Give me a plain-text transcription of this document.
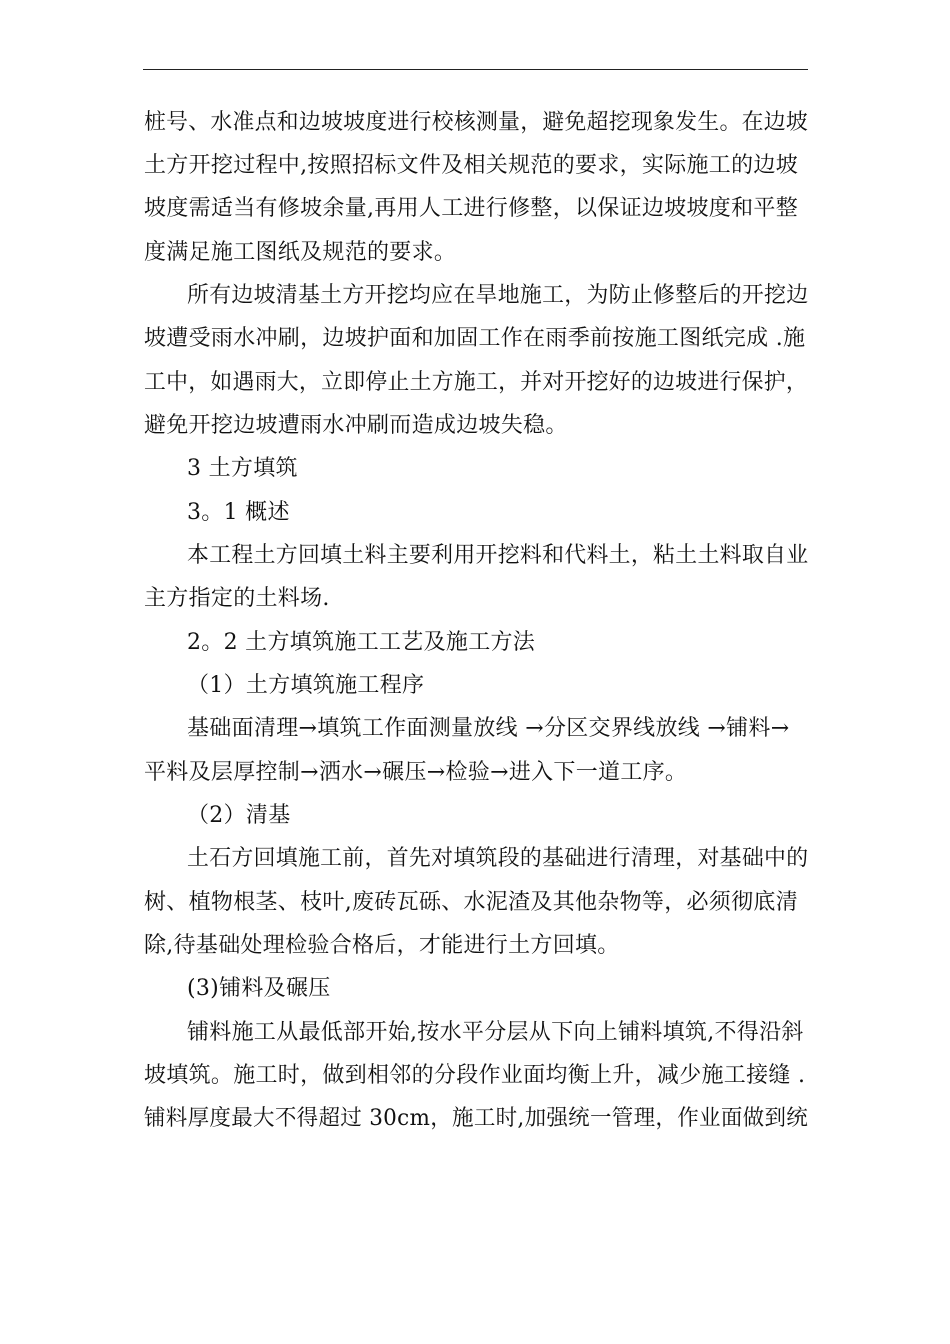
桩号、水准点和边坡坡度进行校核测量，避免超挖现象发生。在边坡
土方开挖过程中,按照招标文件及相关规范的要求，实际施工的边坡
坡度需适当有修坡余量,再用人工进行修整，以保证边坡坡度和平整
度满足施工图纸及规范的要求。
所有边坡清基土方开挖均应在旱地施工，为防止修整后的开挖边
坡遭受雨水冲刷，边坡护面和加固工作在雨季前按施工图纸完成 .施
工中，如遇雨大，立即停止土方施工，并对开挖好的边坡进行保护，
避免开挖边坡遭雨水冲刷而造成边坡失稳。
3 土方填筑
3。1 概述
本工程土方回填土料主要利用开挖料和代料土，粘土土料取自业
主方指定的土料场.
2。2 土方填筑施工工艺及施工方法
（1）土方填筑施工程序
基础面清理→填筑工作面测量放线 →分区交界线放线 →铺料→
平料及层厚控制→洒水→碾压→检验→进入下一道工序。
（2）清基
土石方回填施工前，首先对填筑段的基础进行清理，对基础中的
树、植物根茎、枝叶,废砖瓦砾、水泥渣及其他杂物等，必须彻底清
除,待基础处理检验合格后，才能进行土方回填。
(3)铺料及碾压
铺料施工从最低部开始,按水平分层从下向上铺料填筑,不得沿斜
坡填筑。施工时，做到相邻的分段作业面均衡上升，减少施工接缝 .
铺料厚度最大不得超过 30cm，施工时,加强统一管理，作业面做到统
